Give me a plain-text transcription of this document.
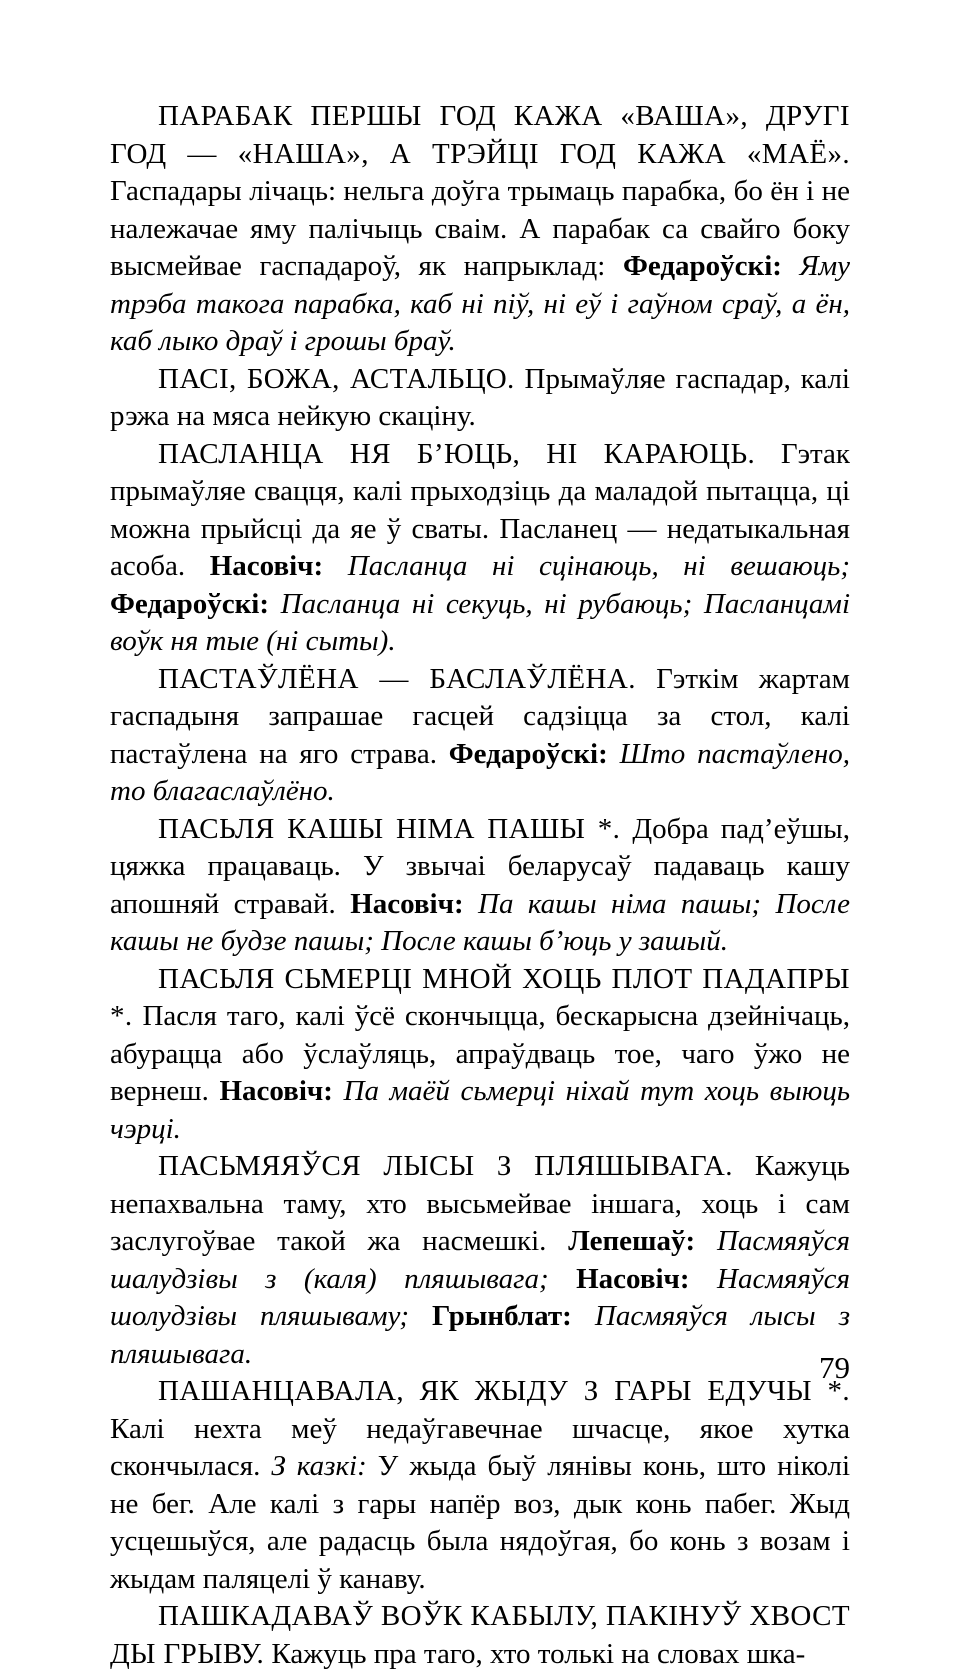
ПАРАБАК ПЕРШЫ ГОД КАЖА «ВАША», ДРУГІ ГОД — «НАША», А ТРЭЙЦІ ГОД КАЖА «МАЁ». Гаспадары лічаць: нельга доўга трымаць парабка, бо ён і не належачае яму палічыць сваім. А парабак са свайго боку высмейвае гаспадароў, як напрыклад: Федароўскі: Яму трэба такога парабка, каб ні піў, ні еў і гаўном сраў, а ён, каб лыко драў і грошы браў.

ПАСІ, БОЖА, АСТАЛЬЦО. Прымаўляе гаспадар, калі рэжа на мяса нейкую скаціну.

ПАСЛАНЦА НЯ Б’ЮЦЬ, НІ КАРАЮЦЬ. Гэтак прымаўляе свацця, калі прыходзіць да маладой пытацца, ці можна прыйсці да яе ў сваты. Пасланец — недатыкальная асоба. Насовіч: Пасланца ні сцінаюць, ні вешаюць; Федароўскі: Пасланца ні секуць, ні рубаюць; Пасланцамі воўк ня тые (ні сыты).

ПАСТАЎЛЁНА — БАСЛАЎЛЁНА. Гэткім жартам гаспадыня запрашае гасцей садзіцца за стол, калі пастаўлена на яго страва. Федароўскі: Што пастаўлено, то благаслаўлёно.

ПАСЬЛЯ КАШЫ НІМА ПАШЫ *. Добра пад’еўшы, цяжка працаваць. У звычаі беларусаў падаваць кашу апошняй стравай. Насовіч: Па кашы німа пашы; После кашы не будзе пашы; После кашы б’юць у зашый.

ПАСЬЛЯ СЬМЕРЦІ МНОЙ ХОЦЬ ПЛОТ ПАДАПРЫ *. Пасля таго, калі ўсё скончыцца, бескарысна дзейнічаць, абурацца або ўслаўляць, апраўдваць тое, чаго ўжо не вернеш. Насовіч: Па маёй сьмерці ніхай тут хоць выюць чэрці.

ПАСЬМЯЯЎСЯ ЛЫСЫ З ПЛЯШЫВАГА. Кажуць непахвальна таму, хто высьмейвае іншага, хоць і сам заслугоўвае такой жа насмешкі. Лепешаў: Пасмяяўся шалудзівы з (каля) пляшывага; Насовіч: Насмяяўся шолудзівы пляшываму; Грынблат: Пасмяяўся лысы з пляшывага.

ПАШАНЦАВАЛА, ЯК ЖЫДУ З ГАРЫ ЕДУЧЫ *. Калі нехта меў недаўгавечнае шчасце, якое хутка скончылася. З казкі: У жыда быў лянівы конь, што ніколі не бег. Але калі з гары напёр воз, дык конь пабег. Жыд усцешыўся, але радасць была нядоўгая, бо конь з возам і жыдам паляцелі ў канаву.

ПАШКАДАВАЎ ВОЎК КАБЫЛУ, ПАКІНУЎ ХВОСТ ДЫ ГРЫВУ. Кажуць пра таго, хто толькі на словах шка-

79
